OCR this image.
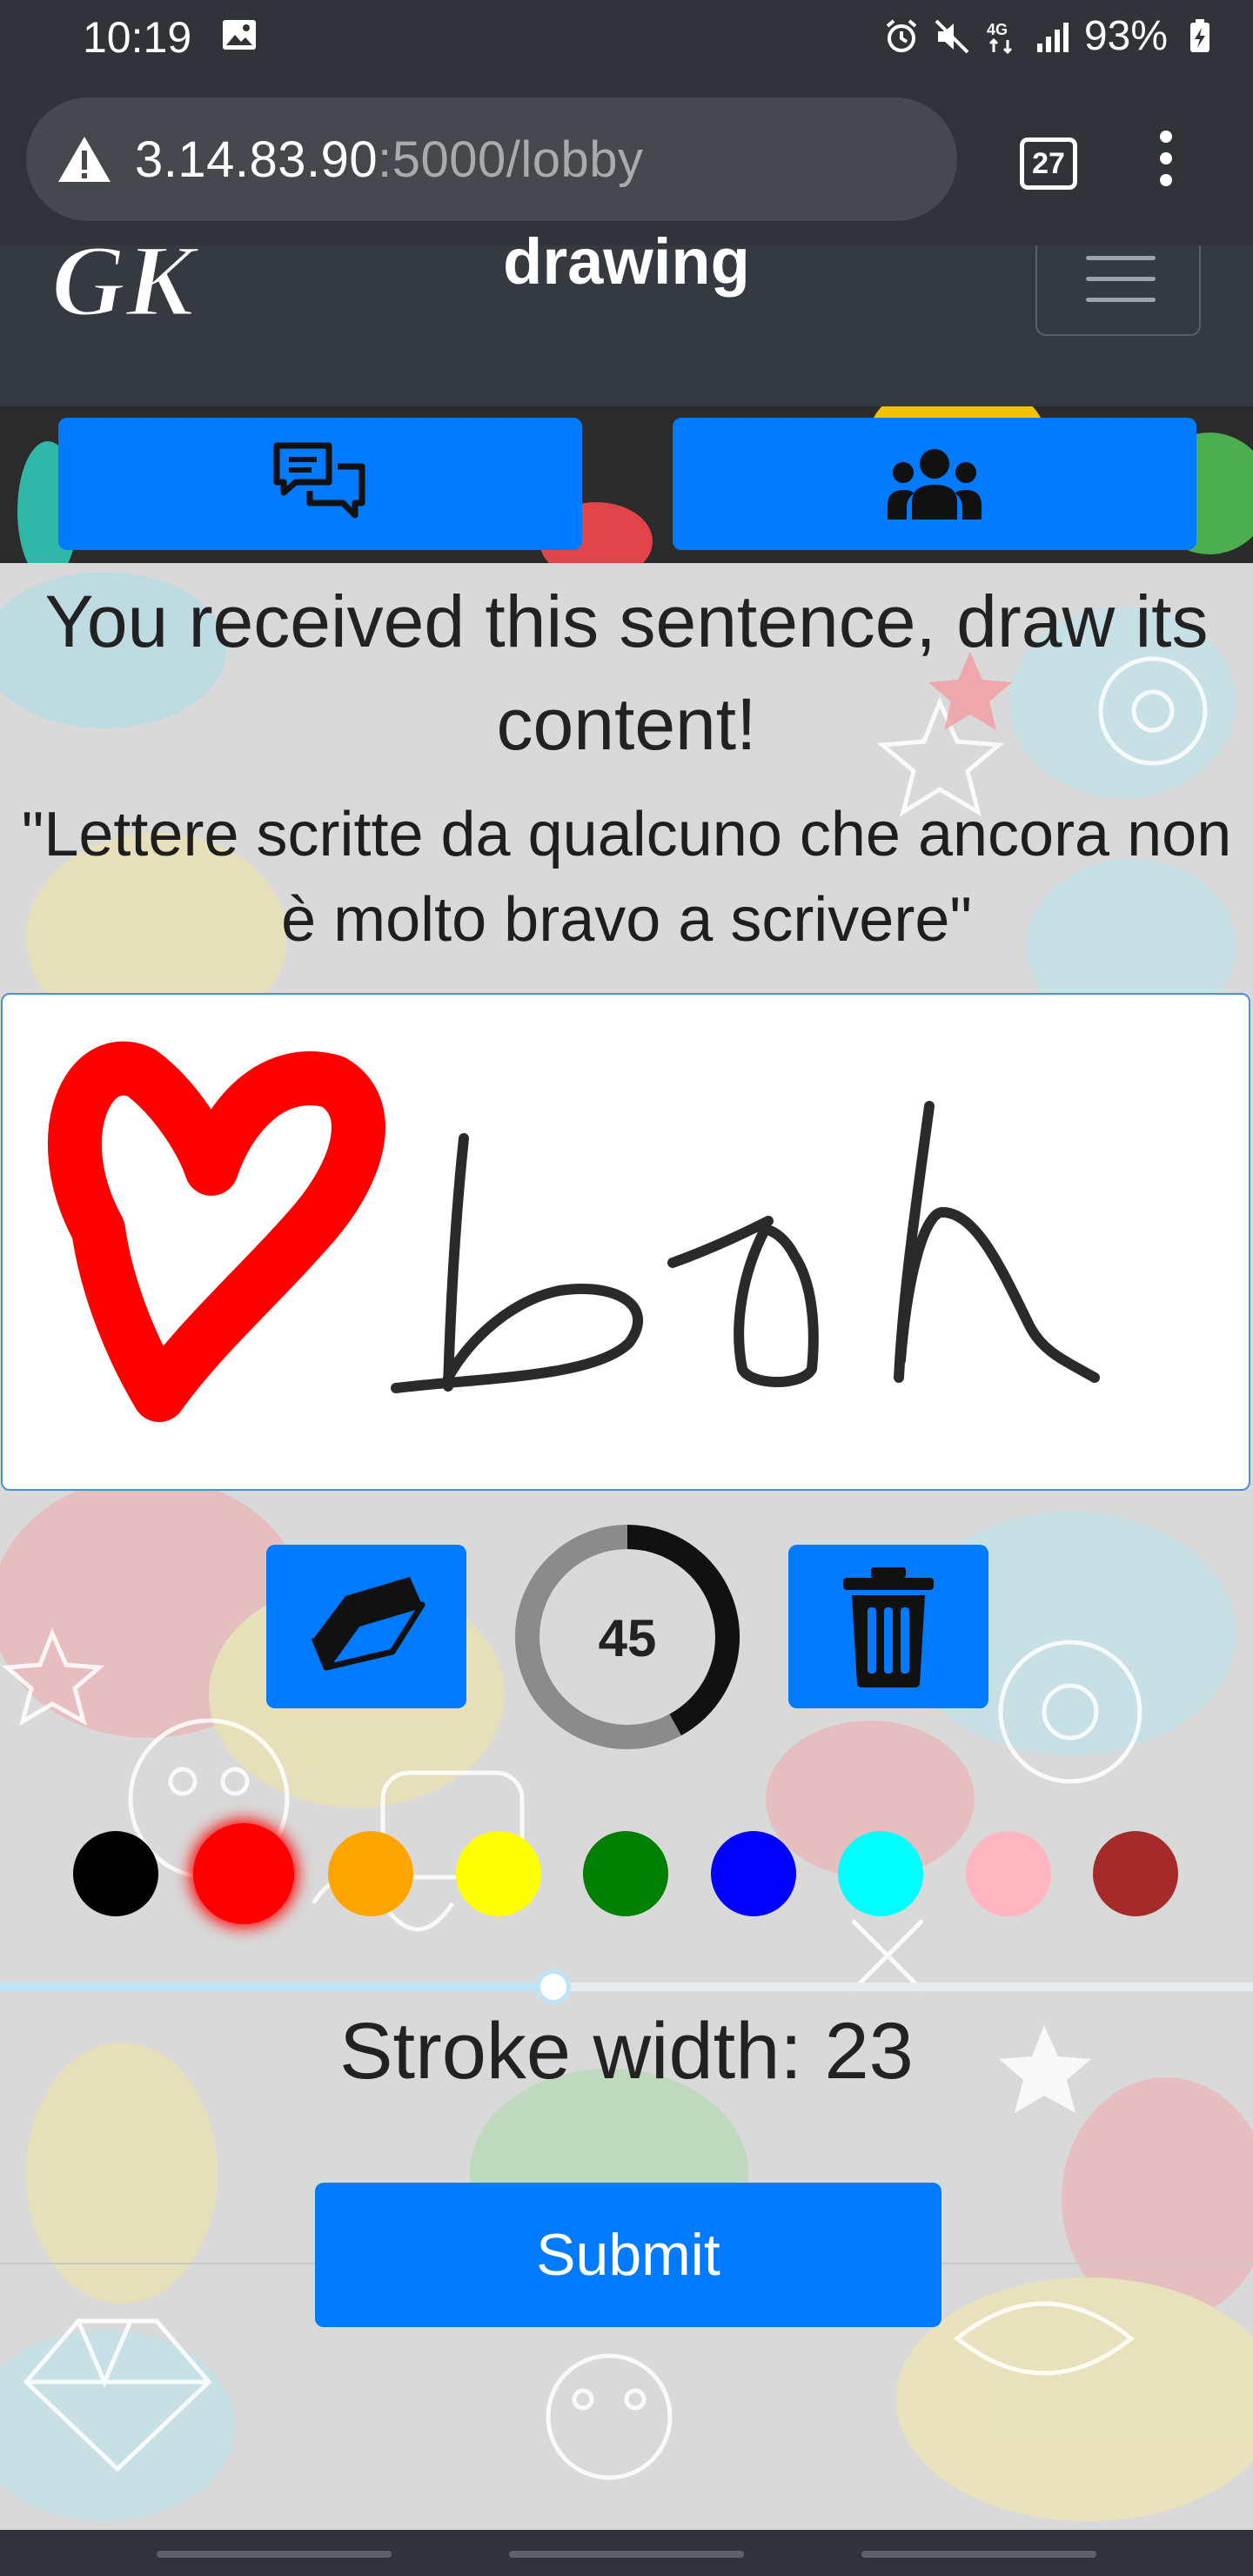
10:19	4G 93%
3.14.83.90:5000/lobby	27
GK	drawing
You received this sentence, draw its content!
"Lettere scritte da qualcuno che ancora non è molto bravo a scrivere"
45
Stroke width: 23
Submit
